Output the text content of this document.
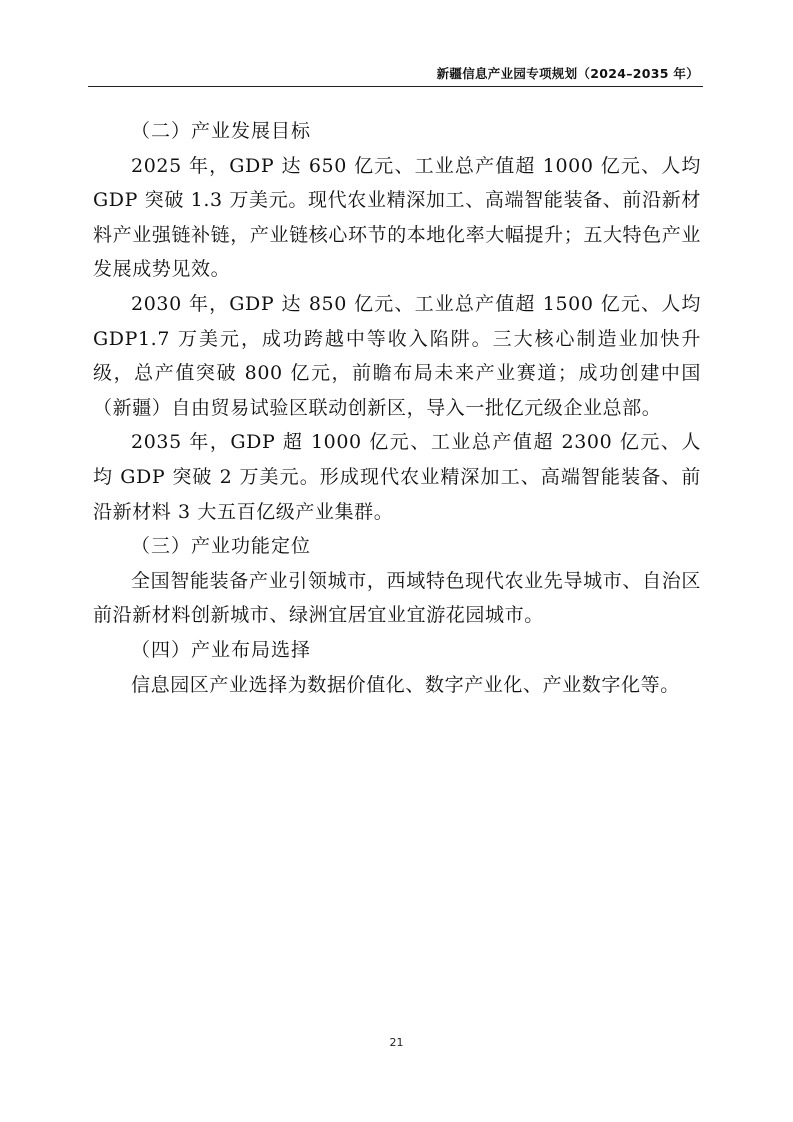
新疆信息产业园专项规划（2024–2035 年）
（二）产业发展目标

2025 年，GDP 达 650 亿元、工业总产值超 1000 亿元、人均 GDP 突破 1.3 万美元。现代农业精深加工、高端智能装备、前沿新材料产业强链补链，产业链核心环节的本地化率大幅提升；五大特色产业发展成势见效。

2030 年，GDP 达 850 亿元、工业总产值超 1500 亿元、人均 GDP1.7 万美元，成功跨越中等收入陷阱。三大核心制造业加快升级，总产值突破 800 亿元，前瞻布局未来产业赛道；成功创建中国（新疆）自由贸易试验区联动创新区，导入一批亿元级企业总部。

2035 年，GDP 超 1000 亿元、工业总产值超 2300 亿元、人均 GDP 突破 2 万美元。形成现代农业精深加工、高端智能装备、前沿新材料 3 大五百亿级产业集群。

（三）产业功能定位

全国智能装备产业引领城市，西域特色现代农业先导城市、自治区前沿新材料创新城市、绿洲宜居宜业宜游花园城市。

（四）产业布局选择

信息园区产业选择为数据价值化、数字产业化、产业数字化等。

21
